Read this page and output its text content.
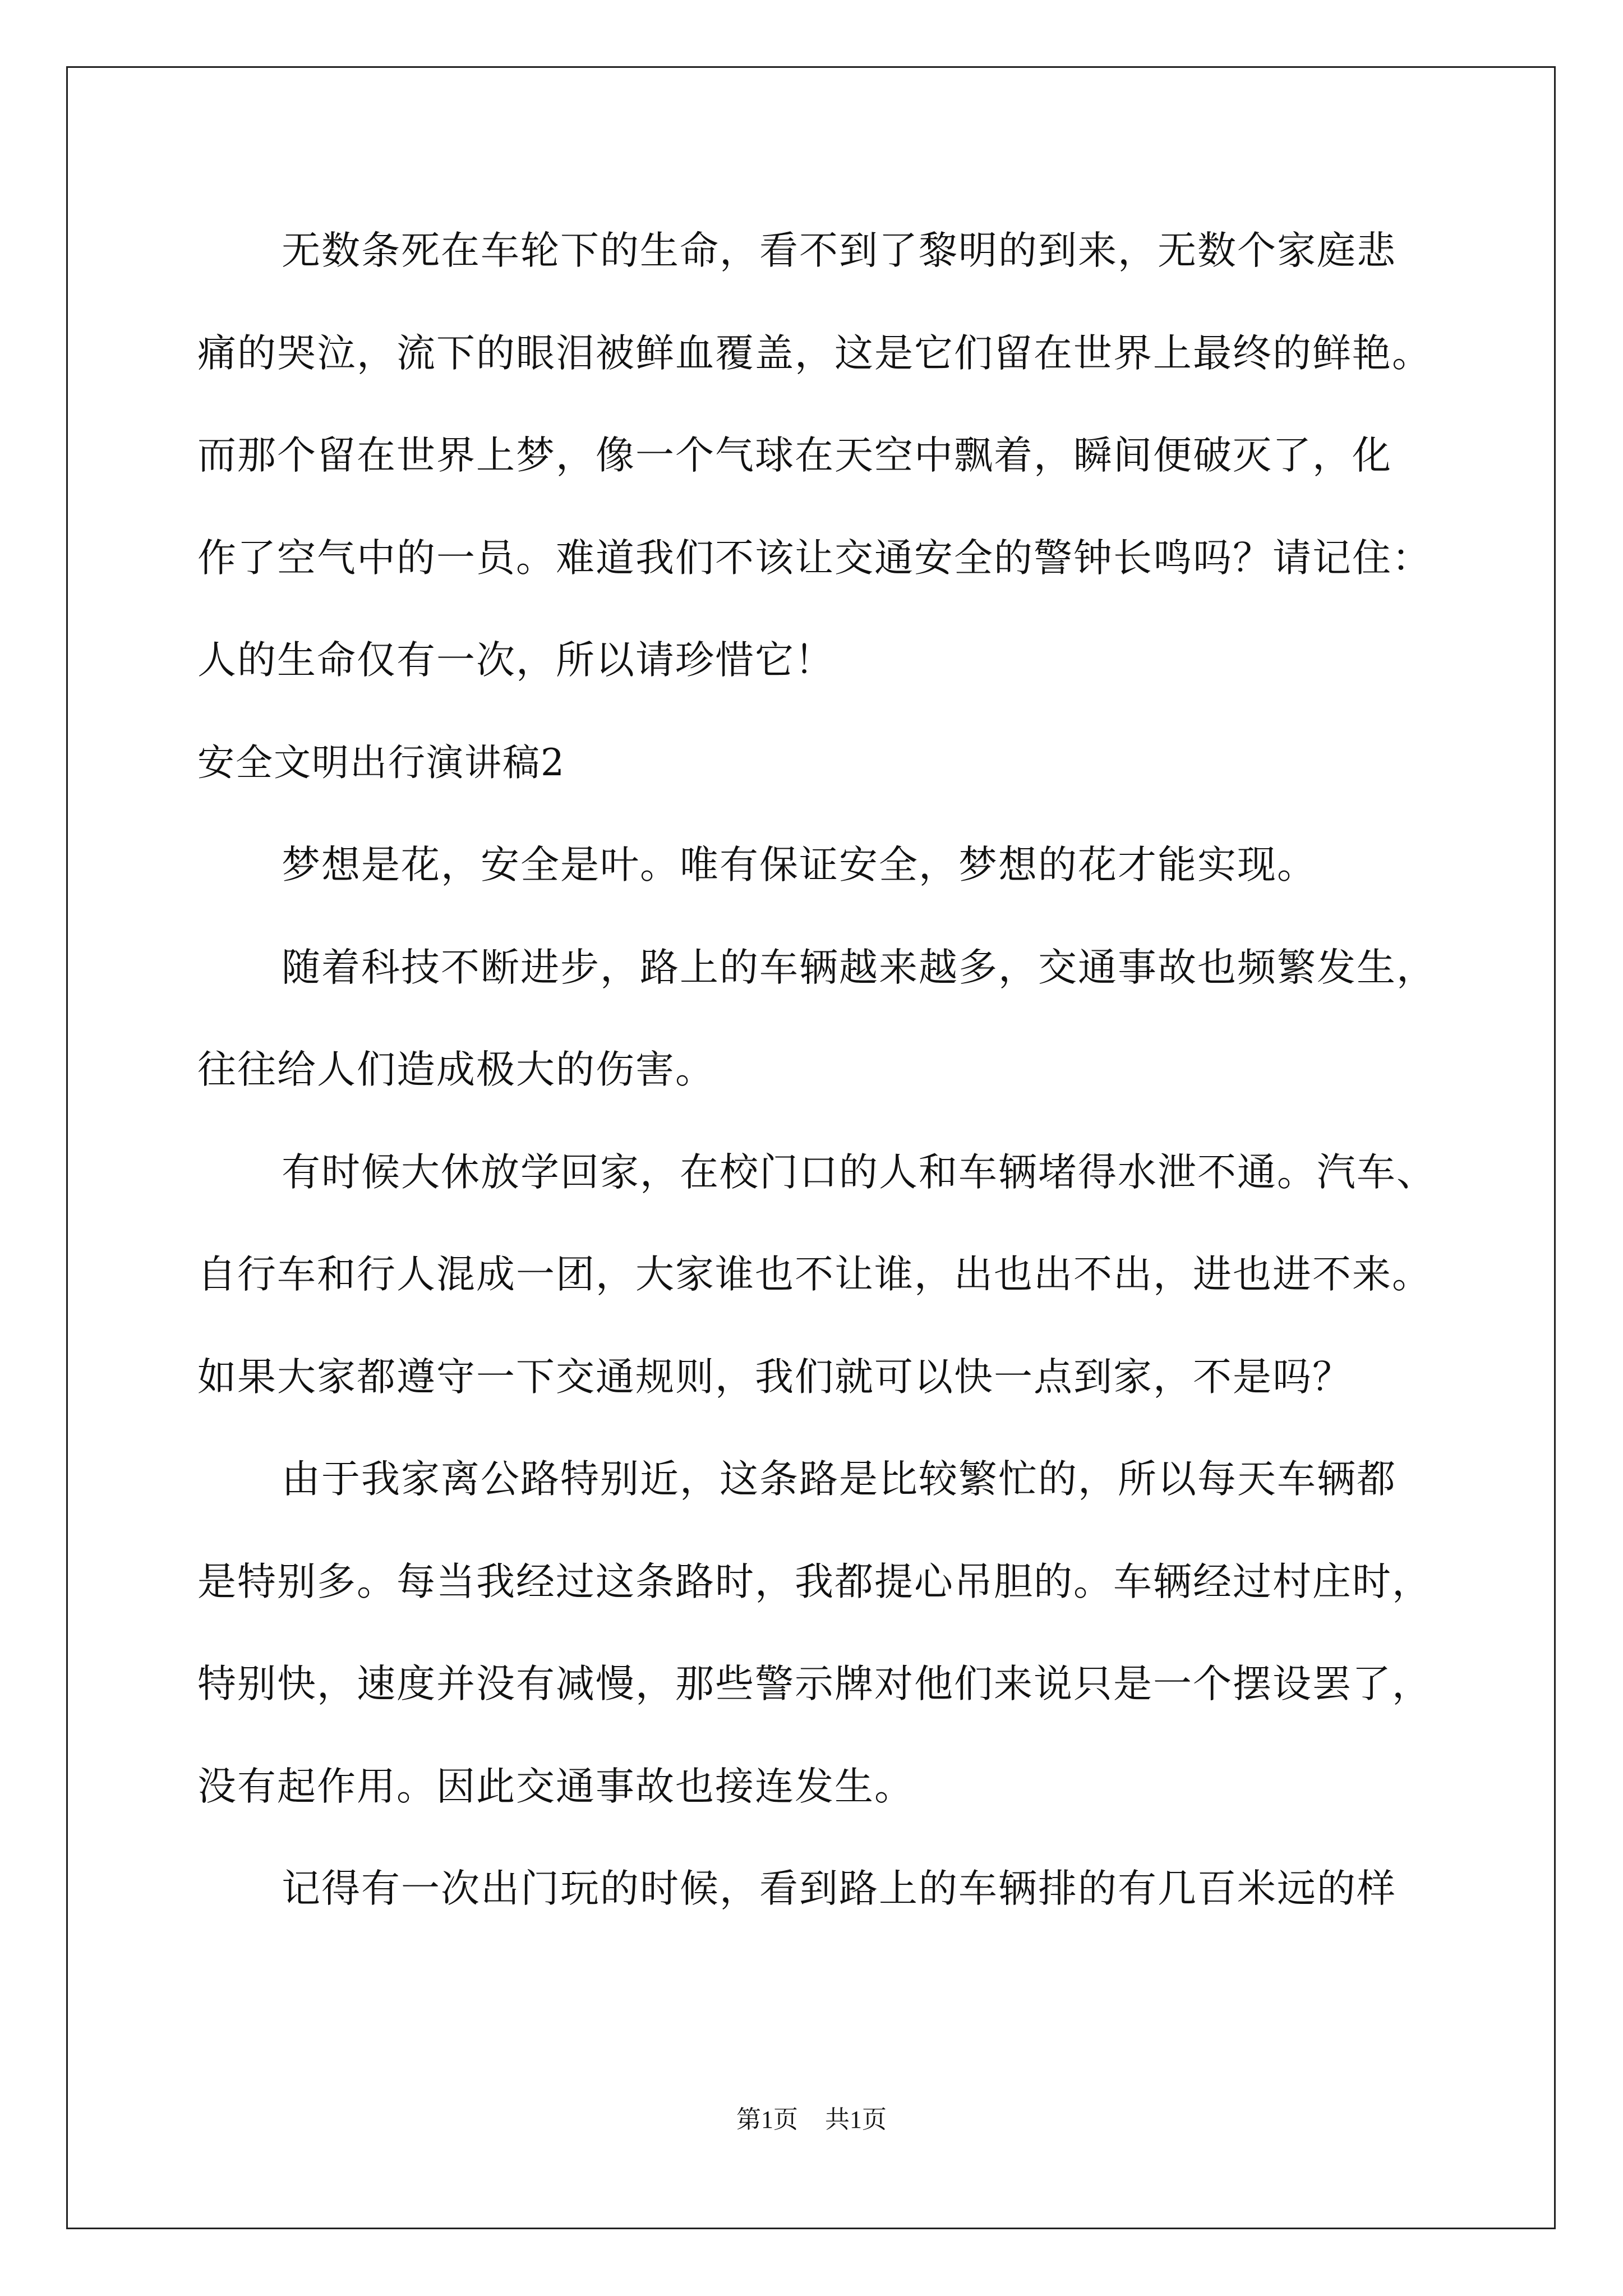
无数条死在车轮下的生命，看不到了黎明的到来，无数个家庭悲
痛的哭泣，流下的眼泪被鲜血覆盖，这是它们留在世界上最终的鲜艳。
而那个留在世界上梦，像一个气球在天空中飘着，瞬间便破灭了，化
作了空气中的一员。难道我们不该让交通安全的警钟长鸣吗？请记住：
人的生命仅有一次，所以请珍惜它！
安全文明出行演讲稿2
梦想是花，安全是叶。唯有保证安全，梦想的花才能实现。
随着科技不断进步，路上的车辆越来越多，交通事故也频繁发生，
往往给人们造成极大的伤害。
有时候大休放学回家，在校门口的人和车辆堵得水泄不通。汽车、
自行车和行人混成一团，大家谁也不让谁，出也出不出，进也进不来。
如果大家都遵守一下交通规则，我们就可以快一点到家，不是吗？
由于我家离公路特别近，这条路是比较繁忙的，所以每天车辆都
是特别多。每当我经过这条路时，我都提心吊胆的。车辆经过村庄时，
特别快，速度并没有减慢，那些警示牌对他们来说只是一个摆设罢了，
没有起作用。因此交通事故也接连发生。
记得有一次出门玩的时候，看到路上的车辆排的有几百米远的样
第1页 共1页
